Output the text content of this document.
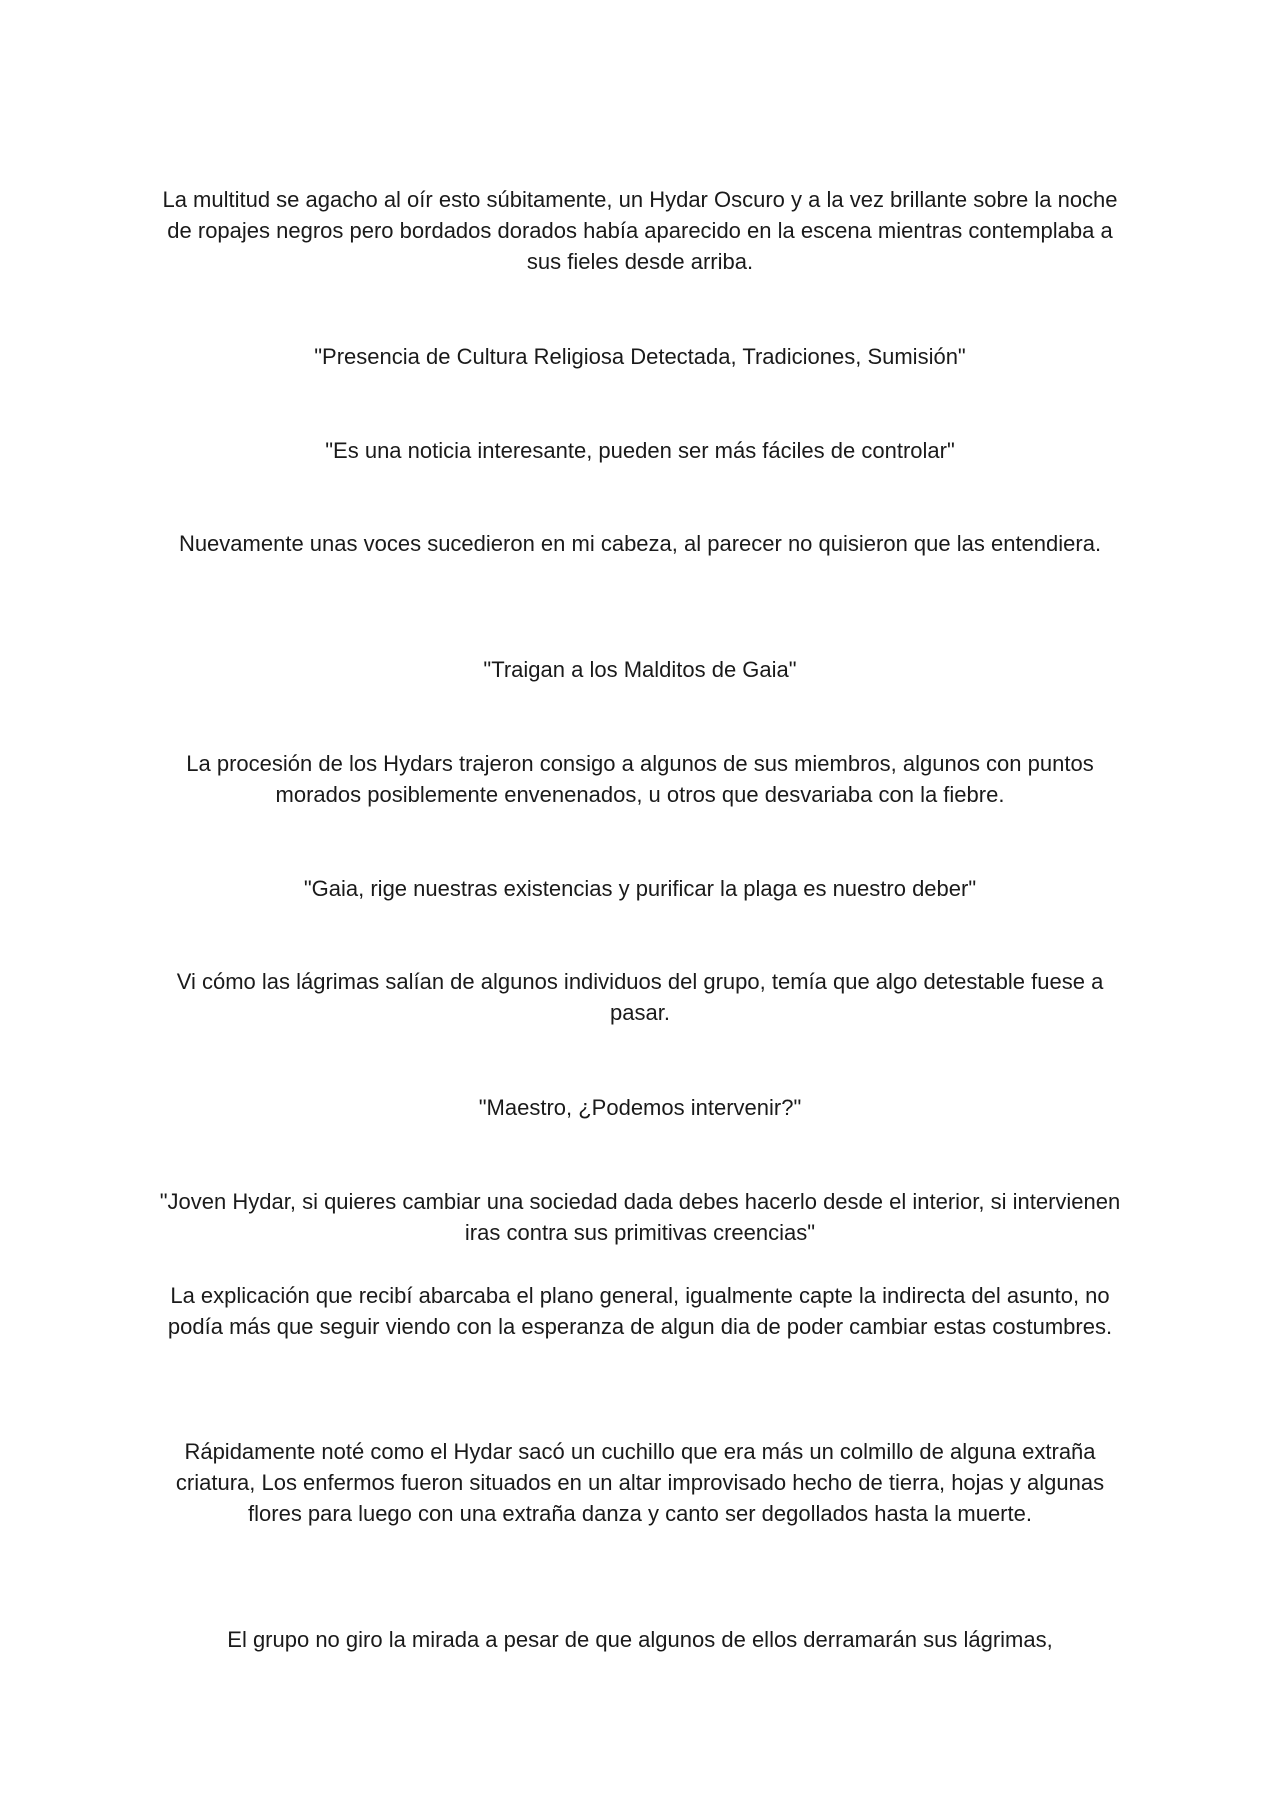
La multitud se agacho al oír esto súbitamente, un Hydar Oscuro y a la vez brillante sobre la noche de ropajes negros pero bordados dorados había aparecido en la escena mientras contemplaba a sus fieles desde arriba.

"Presencia de Cultura Religiosa Detectada, Tradiciones, Sumisión"

"Es una noticia interesante, pueden ser más fáciles de controlar"

Nuevamente unas voces sucedieron en mi cabeza, al parecer no quisieron que las entendiera.

"Traigan a los Malditos de Gaia"

La procesión de los Hydars trajeron consigo a algunos de sus miembros, algunos con puntos morados posiblemente envenenados, u otros que desvariaba con la fiebre.

"Gaia, rige nuestras existencias y purificar la plaga es nuestro deber"

Vi cómo las lágrimas salían de algunos individuos del grupo, temía que algo detestable fuese a pasar.

"Maestro, ¿Podemos intervenir?"

"Joven Hydar, si quieres cambiar una sociedad dada debes hacerlo desde el interior, si intervienen iras contra sus primitivas creencias"

La explicación que recibí abarcaba el plano general, igualmente capte la indirecta del asunto, no podía más que seguir viendo con la esperanza de algun dia de poder cambiar estas costumbres.

Rápidamente noté como el Hydar sacó un cuchillo que era más un colmillo de alguna extraña criatura, Los enfermos fueron situados en un altar improvisado hecho de tierra, hojas y algunas flores para luego con una extraña danza y canto ser degollados hasta la muerte.

El grupo no giro la mirada a pesar de que algunos de ellos derramarán sus lágrimas,
